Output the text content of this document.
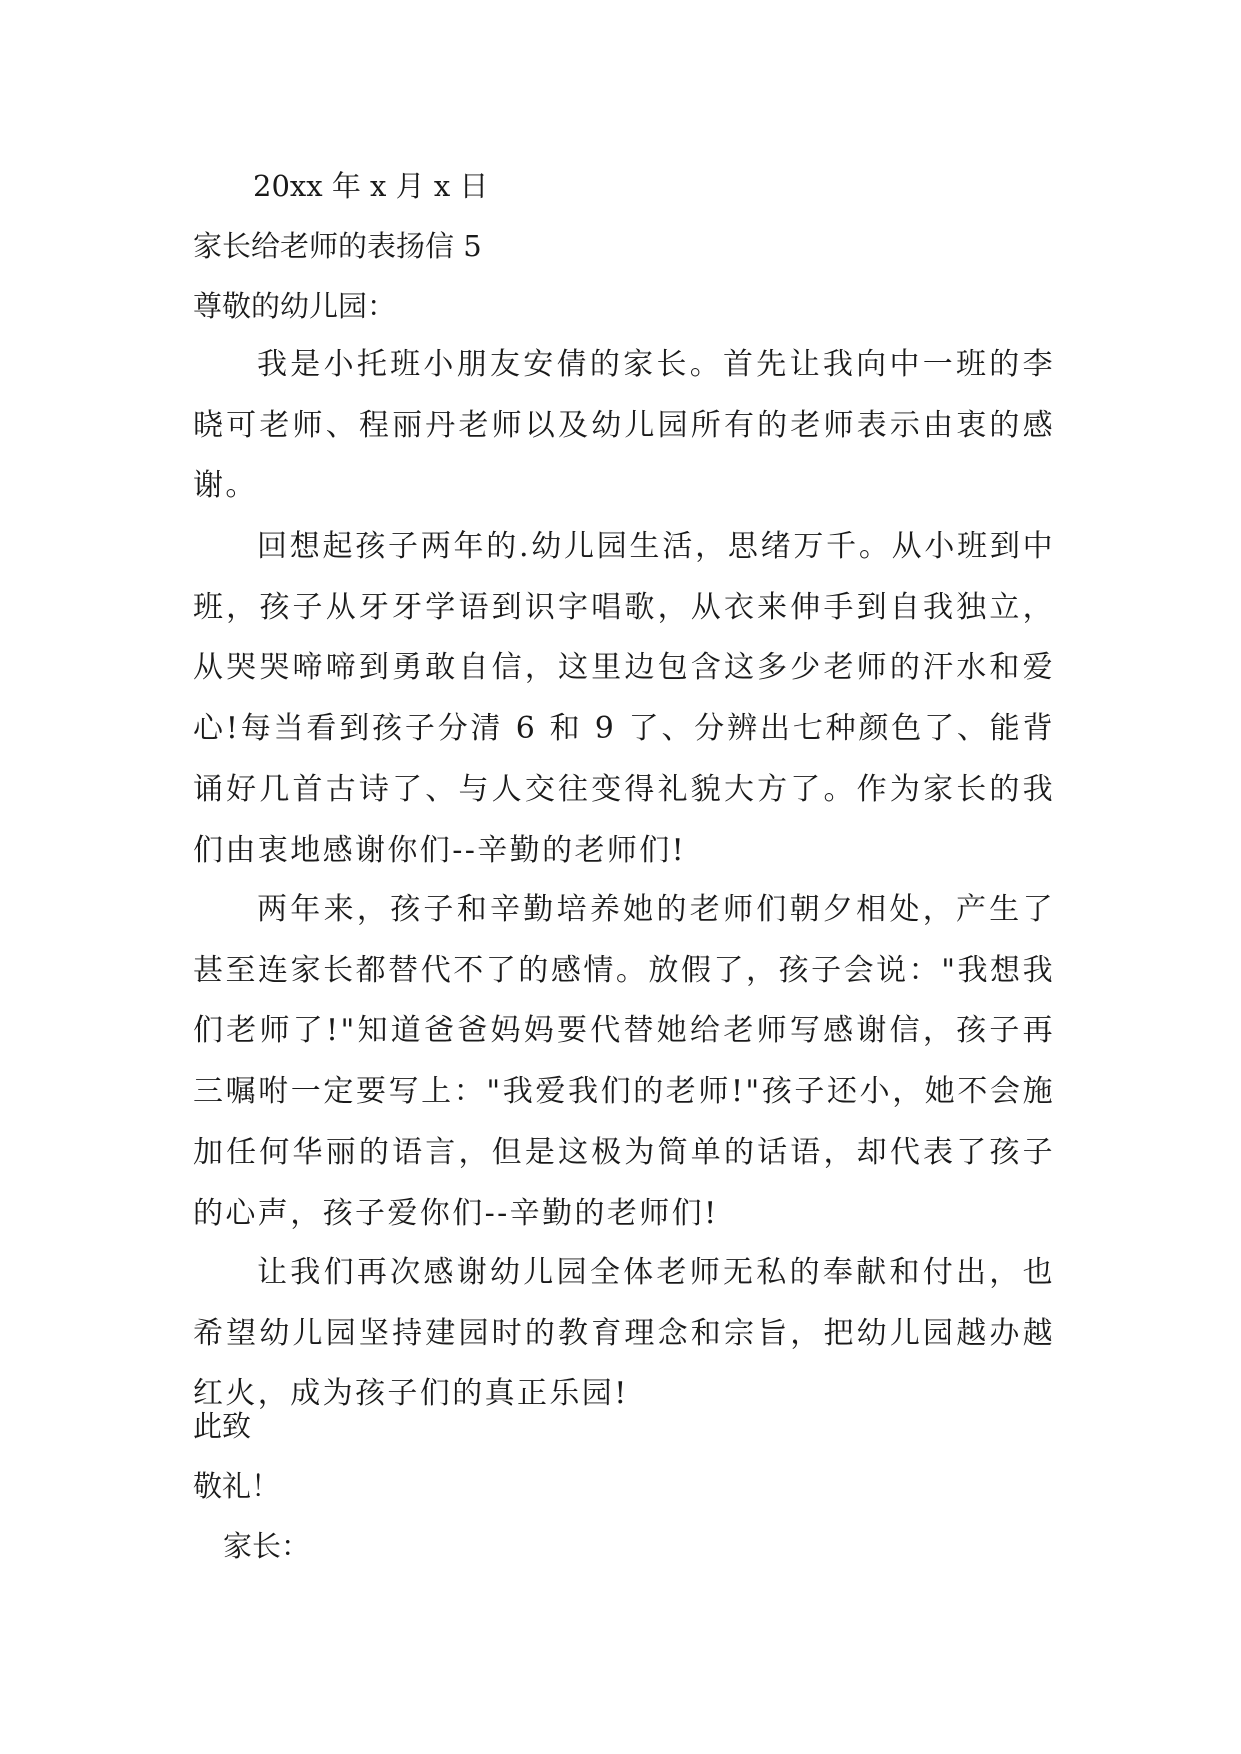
20xx 年 x 月 x 日

家长给老师的表扬信 5

尊敬的幼儿园：

我是小托班小朋友安倩的家长。首先让我向中一班的李晓可老师、程丽丹老师以及幼儿园所有的老师表示由衷的感谢。

回想起孩子两年的.幼儿园生活，思绪万千。从小班到中班，孩子从牙牙学语到识字唱歌，从衣来伸手到自我独立，从哭哭啼啼到勇敢自信，这里边包含这多少老师的汗水和爱心!每当看到孩子分清 6 和 9 了、分辨出七种颜色了、能背诵好几首古诗了、与人交往变得礼貌大方了。作为家长的我们由衷地感谢你们--辛勤的老师们!

两年来，孩子和辛勤培养她的老师们朝夕相处，产生了甚至连家长都替代不了的感情。放假了，孩子会说："我想我们老师了!"知道爸爸妈妈要代替她给老师写感谢信，孩子再三嘱咐一定要写上："我爱我们的老师!"孩子还小，她不会施加任何华丽的语言，但是这极为简单的话语，却代表了孩子的心声，孩子爱你们--辛勤的老师们!

让我们再次感谢幼儿园全体老师无私的奉献和付出，也希望幼儿园坚持建园时的教育理念和宗旨，把幼儿园越办越红火，成为孩子们的真正乐园!

此致

敬礼！

家长：
